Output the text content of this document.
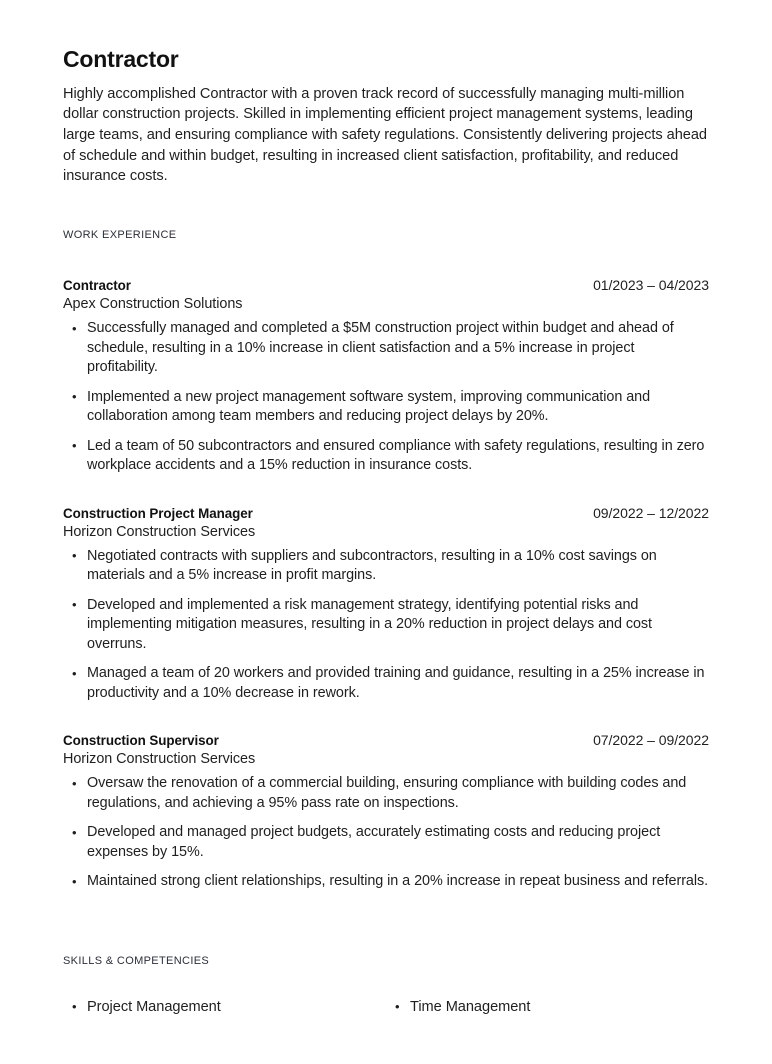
Contractor

Highly accomplished Contractor with a proven track record of successfully managing multi-million dollar construction projects. Skilled in implementing efficient project management systems, leading large teams, and ensuring compliance with safety regulations. Consistently delivering projects ahead of schedule and within budget, resulting in increased client satisfaction, profitability, and reduced insurance costs.

WORK EXPERIENCE
Contractor	01/2023 – 04/2023
Apex Construction Solutions
• Successfully managed and completed a $5M construction project within budget and ahead of schedule, resulting in a 10% increase in client satisfaction and a 5% increase in project profitability.
• Implemented a new project management software system, improving communication and collaboration among team members and reducing project delays by 20%.
• Led a team of 50 subcontractors and ensured compliance with safety regulations, resulting in zero workplace accidents and a 15% reduction in insurance costs.
Construction Project Manager	09/2022 – 12/2022
Horizon Construction Services
• Negotiated contracts with suppliers and subcontractors, resulting in a 10% cost savings on materials and a 5% increase in profit margins.
• Developed and implemented a risk management strategy, identifying potential risks and implementing mitigation measures, resulting in a 20% reduction in project delays and cost overruns.
• Managed a team of 20 workers and provided training and guidance, resulting in a 25% increase in productivity and a 10% decrease in rework.
Construction Supervisor	07/2022 – 09/2022
Horizon Construction Services
• Oversaw the renovation of a commercial building, ensuring compliance with building codes and regulations, and achieving a 95% pass rate on inspections.
• Developed and managed project budgets, accurately estimating costs and reducing project expenses by 15%.
• Maintained strong client relationships, resulting in a 20% increase in repeat business and referrals.
SKILLS & COMPETENCIES
• Project Management	• Time Management
